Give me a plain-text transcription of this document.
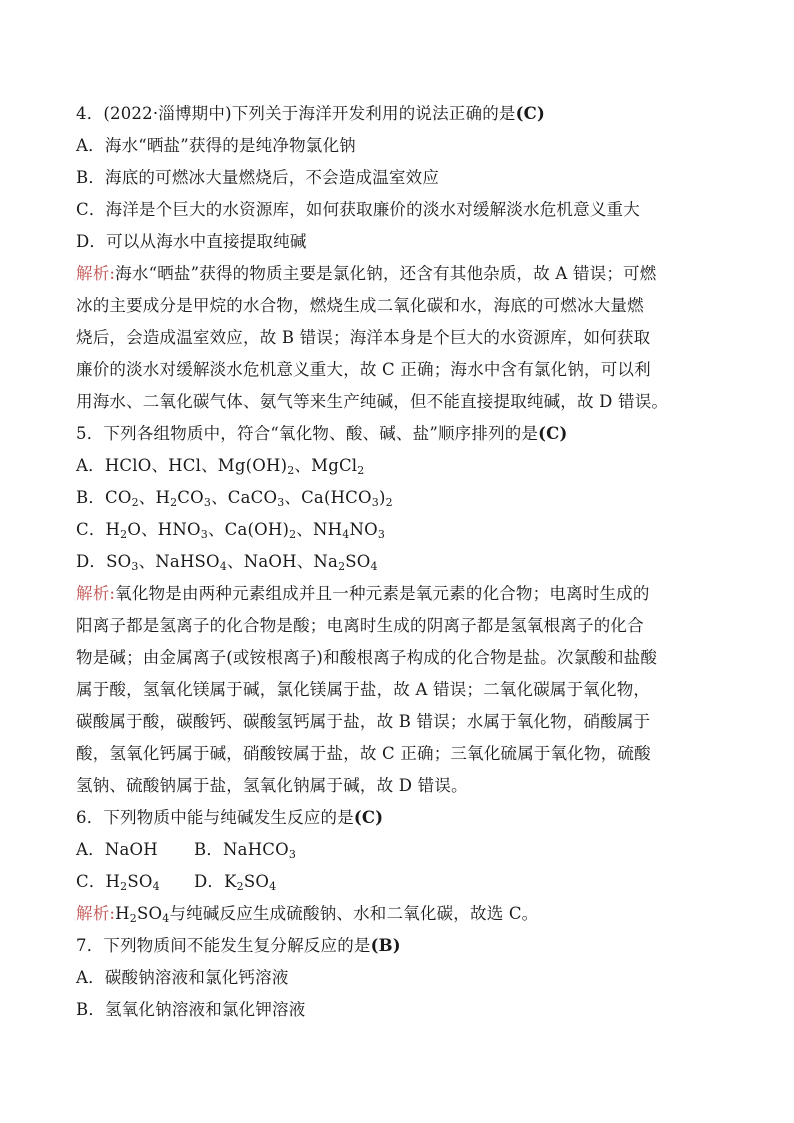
4．(2022·淄博期中)下列关于海洋开发利用的说法正确的是(C)
A．海水“晒盐”获得的是纯净物氯化钠
B．海底的可燃冰大量燃烧后，不会造成温室效应
C．海洋是个巨大的水资源库，如何获取廉价的淡水对缓解淡水危机意义重大
D．可以从海水中直接提取纯碱
解析:海水“晒盐”获得的物质主要是氯化钠，还含有其他杂质，故 A 错误；可燃
冰的主要成分是甲烷的水合物，燃烧生成二氧化碳和水，海底的可燃冰大量燃
烧后，会造成温室效应，故 B 错误；海洋本身是个巨大的水资源库，如何获取
廉价的淡水对缓解淡水危机意义重大，故 C 正确；海水中含有氯化钠，可以利
用海水、二氧化碳气体、氨气等来生产纯碱，但不能直接提取纯碱，故 D 错误。
5．下列各组物质中，符合“氧化物、酸、碱、盐”顺序排列的是(C)
A．HClO、HCl、$Mg(OH)_2$、MgCl$_2$
B．$CO_2$、$H_2CO_3$、CaCO$_3$、$Ca(HCO_3)_2$
C．$H_2O$、$HNO_3$、$Ca(OH)_2$、$NH_4NO_3$
D．$SO_3$、NaHSO$_4$、NaOH、$Na_2SO_4$
解析:氧化物是由两种元素组成并且一种元素是氧元素的化合物；电离时生成的
阳离子都是氢离子的化合物是酸；电离时生成的阴离子都是氢氧根离子的化合
物是碱；由金属离子(或铵根离子)和酸根离子构成的化合物是盐。次氯酸和盐酸
属于酸，氢氧化镁属于碱，氯化镁属于盐，故 A 错误；二氧化碳属于氧化物，
碳酸属于酸，碳酸钙、碳酸氢钙属于盐，故 B 错误；水属于氧化物，硝酸属于
酸，氢氧化钙属于碱，硝酸铵属于盐，故 C 正确；三氧化硫属于氧化物，硫酸
氢钠、硫酸钠属于盐，氢氧化钠属于碱，故 D 错误。
6．下列物质中能与纯碱发生反应的是(C)
A．NaOH B．NaHCO$_3$
C．$H_2SO_4$ D．$K_2SO_4$
解析$:H_2SO_4$与纯碱反应生成硫酸钠、水和二氧化碳，故选 C。
7．下列物质间不能发生复分解反应的是(B)
A．碳酸钠溶液和氯化钙溶液
B．氢氧化钠溶液和氯化钾溶液
